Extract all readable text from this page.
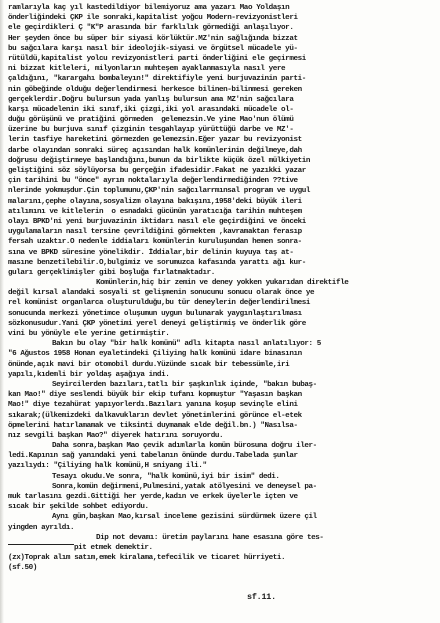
ramlarıyla kaç yıl kastedildiyor bilemiyoruz ama yazarı Mao Yoldaşın
önderliğindeki ÇKP ile sonraki,kapitalist yoğcu Modern-revizyonistleri
ele geçirdikleri Ç "K"P arasında bir farklılık görmediği anlaşılıyor.
Her şeyden önce bu süper bir siyasi körlüktür.MZ'nin sağlığında bizzat
bu sağcılara karşı nasıl bir ideolojik-siyasi ve örgütsel mücadele yü-
rütüldü,kapitalist yolcu revizyonistleri parti önderliğini ele geçirmesi
ni bizzat kitleleri, milyonların muhteşem ayaklanmasıyla nasıl yere
çaldığını, "karargahı bombaleyın!" direktifiyle yeni burjuvazinin parti-
nin göbeğinde olduğu değerlendirmesi herkesce bilinen-bilinmesi gereken
gerçeklerdir.Doğru bulursun yada yanlış bulursun ama MZ'nin sağcılara
karşı mücadelenin iki sınıf,iki çizgi,iki yol arasındaki mücadele ol-
duğu görüşünü ve pratiğini görmeden  gelemezsin.Ve yine Mao'nun ölümü
üzerine bu burjuva sınıf çizginin tesgahlayıp yürüttüğü darbe ve MZ'-
lerin tasfiye hareketini görmezden gelemezsin.Eğer yazar bu revizyonist
darbe olayından sonraki süreç açısından halk komünlerinin değilmeye,dah
doğrusu değiştirmeye başlandığını,bunun da birlikte küçük özel mülkiyetin
geliştiğini söz söylüyorsa bu gerçeğin ifadesidir.Fakat ne yazıkki yazar
çin tarihini bu "önce" ayrım noktalarıyla değerlendirmediğinden ??tive
nlerinde yokmuşdur.Çin toplumunu,ÇKP'nin sağcılarrmınsal program ve uygul
malarını,çephe olayına,sosyalizm olayına bakışını,1958'deki büyük ileri
atılımını ve kitlelerin  o esnadaki gücünün yaratıcığa tarihin muhteşem
olayı BPKD'ni yeni burjuvazinin iktidarı nasıl ele geçirdiğini ve önceki
uygulamaların nasıl tersine çevrildiğini görmektem ,kavramaktan ferasıp
fersah uzaktır.O nedenle iddiaları komünlerin kuruluşundan hemen sonra-
sına ve BPKD süresine yönelikdir. İddialar,bir delinin kuyuya taş at-
masıne benzetilebilir.O,bulgimiz ve sorumuzca kafasında yarattı ağı kur-
guları gerçeklimişler gibi boşluğa fırlatmaktadır.
Komünlerin,hiç bir zemin ve deney yokken yukarıdan direktifle
değil kırsal alandaki sosyali st gelişmenin sonucunu sonucu olarak önce ye
rel komünist organlarca oluşturulduğu,bu tür deneylerin değerlendirilmesi
sonucunda merkezi yönetimce oluşumun uygun bulunarak yaygınlaştırılması
sözkonusudur.Yani ÇKP yönetimi yerel deneyi geliştirmiş ve önderlik göre
vini bu yönüyle ele yerine getirmiştir.
Bakın bu olay "bir halk komünü" adlı kitapta nasıl anlatılıyor: 5
"6 Ağustos 1958 Honan eyaletindeki Çiliying halk komünü idare binasının
önünde,açık mavi bir otomobil durdu.Yüzünde sıcak bir tebessümle,iri
yapılı,kıdemli bir yoldaş aşağıya indi.
Seyircilerden bazıları,tatlı bir şaşkınlık içinde, "bakın bubaş-
kan Mao!" diye seslendi büyük bir ekip tufanı kopmuştur "Yaşasın başkan
Mao!" diye tezahürat yapıyorlerdı.Bazıları yanına koşup sevinçle elini
sıkarak;(ülkemizdeki dalkavukların devlet yönetimlerini görünce el-etek
öpmelerini hatırlamamak ve tiksinti duymamak elde değil.bn.) "Nasılsa-
nız sevgili başkan Mao?" diyerek hatırını soruyordu.
Daha sonra,başkan Mao çevik adımlarla komün bürosuna doğru iler-
ledi.Kapının sağ yanındaki yeni tabelanın önünde durdu.Tabelada şunlar
yazılıydı: "Çiliying halk komünü,H sniyang ili."
Tesayı okudu.Ve sonra, "halk komünü,iyi bir isim" dedi.
Sonra,komün değirmeni,Pulmesini,yatak atölyesini ve deneysel pa-
muk tarlasını gezdi.Gittiği her yerde,kadın ve erkek üyelerle içten ve
sıcak bir şekilde sohbet ediyordu.
Aynı gün,başkan Mao,kırsal inceleme gezisini sürdürmek üzere çil
yingden ayrıldı.
Dip not devamı: üretim paylarını hane esasına göre tes-
pit etmek demektir.
(zx)Toprak alım satım,emek kiralama,tefecilik ve ticaret hürriyeti.
(sf.50)
sf.11.
